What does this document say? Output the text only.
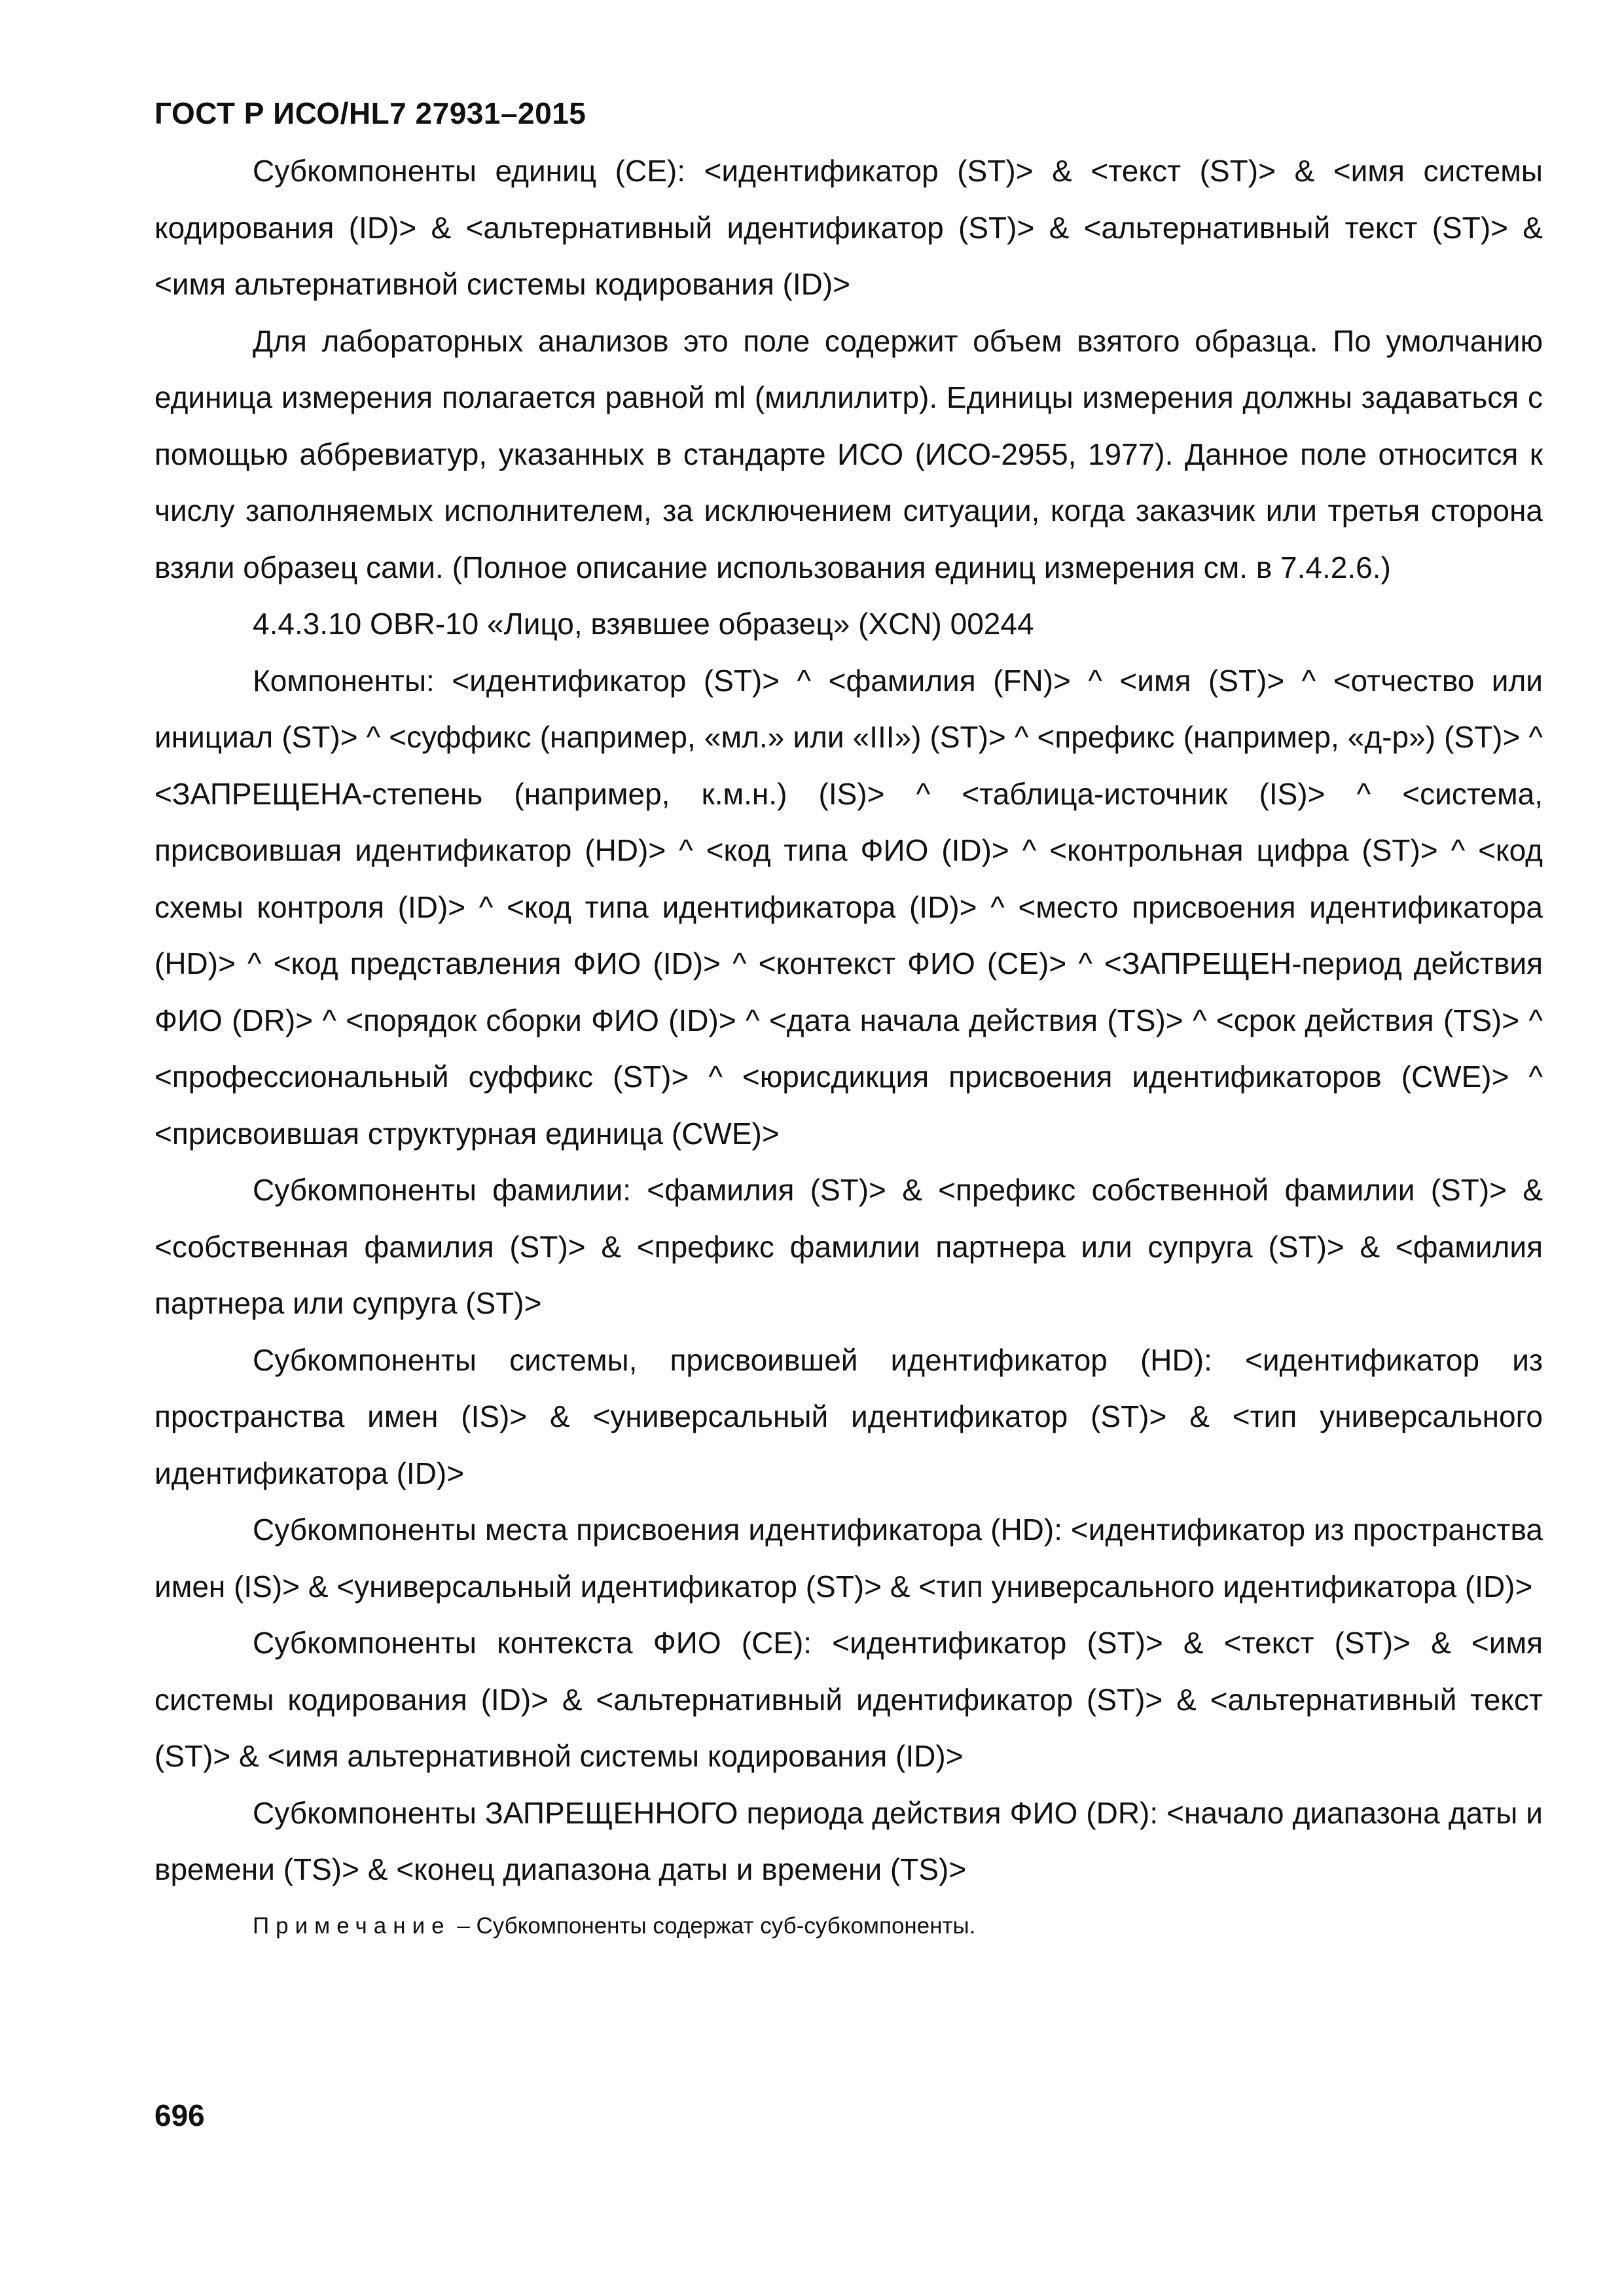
ГОСТ Р ИСО/HL7 27931–2015

Субкомпоненты единиц (CE): <идентификатор (ST)> & <текст (ST)> & <имя системы кодирования (ID)> & <альтернативный идентификатор (ST)> & <альтернативный текст (ST)> & <имя альтернативной системы кодирования (ID)>

Для лабораторных анализов это поле содержит объем взятого образца. По умолчанию единица измерения полагается равной ml (миллилитр). Единицы измерения должны задаваться с помощью аббревиатур, указанных в стандарте ИСО (ИСО-2955, 1977). Данное поле относится к числу заполняемых исполнителем, за исключением ситуации, когда заказчик или третья сторона взяли образец сами. (Полное описание использования единиц измерения см. в 7.4.2.6.)

4.4.3.10 OBR-10 «Лицо, взявшее образец» (XCN) 00244

Компоненты: <идентификатор (ST)> ^ <фамилия (FN)> ^ <имя (ST)> ^ <отчество или инициал (ST)> ^ <суффикс (например, «мл.» или «III») (ST)> ^ <префикс (например, «д-р») (ST)> ^ <ЗАПРЕЩЕНА-степень (например, к.м.н.) (IS)> ^ <таблица-источник (IS)> ^ <система, присвоившая идентификатор (HD)> ^ <код типа ФИО (ID)> ^ <контрольная цифра (ST)> ^ <код схемы контроля (ID)> ^ <код типа идентификатора (ID)> ^ <место присвоения идентификатора (HD)> ^ <код представления ФИО (ID)> ^ <контекст ФИО (CE)> ^ <ЗАПРЕЩЕН-период действия ФИО (DR)> ^ <порядок сборки ФИО (ID)> ^ <дата начала действия (TS)> ^ <срок действия (TS)> ^ <профессиональный суффикс (ST)> ^ <юрисдикция присвоения идентификаторов (CWE)> ^ <присвоившая структурная единица (CWE)>

Субкомпоненты фамилии: <фамилия (ST)> & <префикс собственной фамилии (ST)> & <собственная фамилия (ST)> & <префикс фамилии партнера или супруга (ST)> & <фамилия партнера или супруга (ST)>

Субкомпоненты системы, присвоившей идентификатор (HD): <идентификатор из пространства имен (IS)> & <универсальный идентификатор (ST)> & <тип универсального идентификатора (ID)>

Субкомпоненты места присвоения идентификатора (HD): <идентификатор из пространства имен (IS)> & <универсальный идентификатор (ST)> & <тип универсального идентификатора (ID)>

Субкомпоненты контекста ФИО (CE): <идентификатор (ST)> & <текст (ST)> & <имя системы кодирования (ID)> & <альтернативный идентификатор (ST)> & <альтернативный текст (ST)> & <имя альтернативной системы кодирования (ID)>

Субкомпоненты ЗАПРЕЩЕННОГО периода действия ФИО (DR): <начало диапазона даты и времени (TS)> & <конец диапазона даты и времени (TS)>

Примечание – Субкомпоненты содержат суб-субкомпоненты.

696
